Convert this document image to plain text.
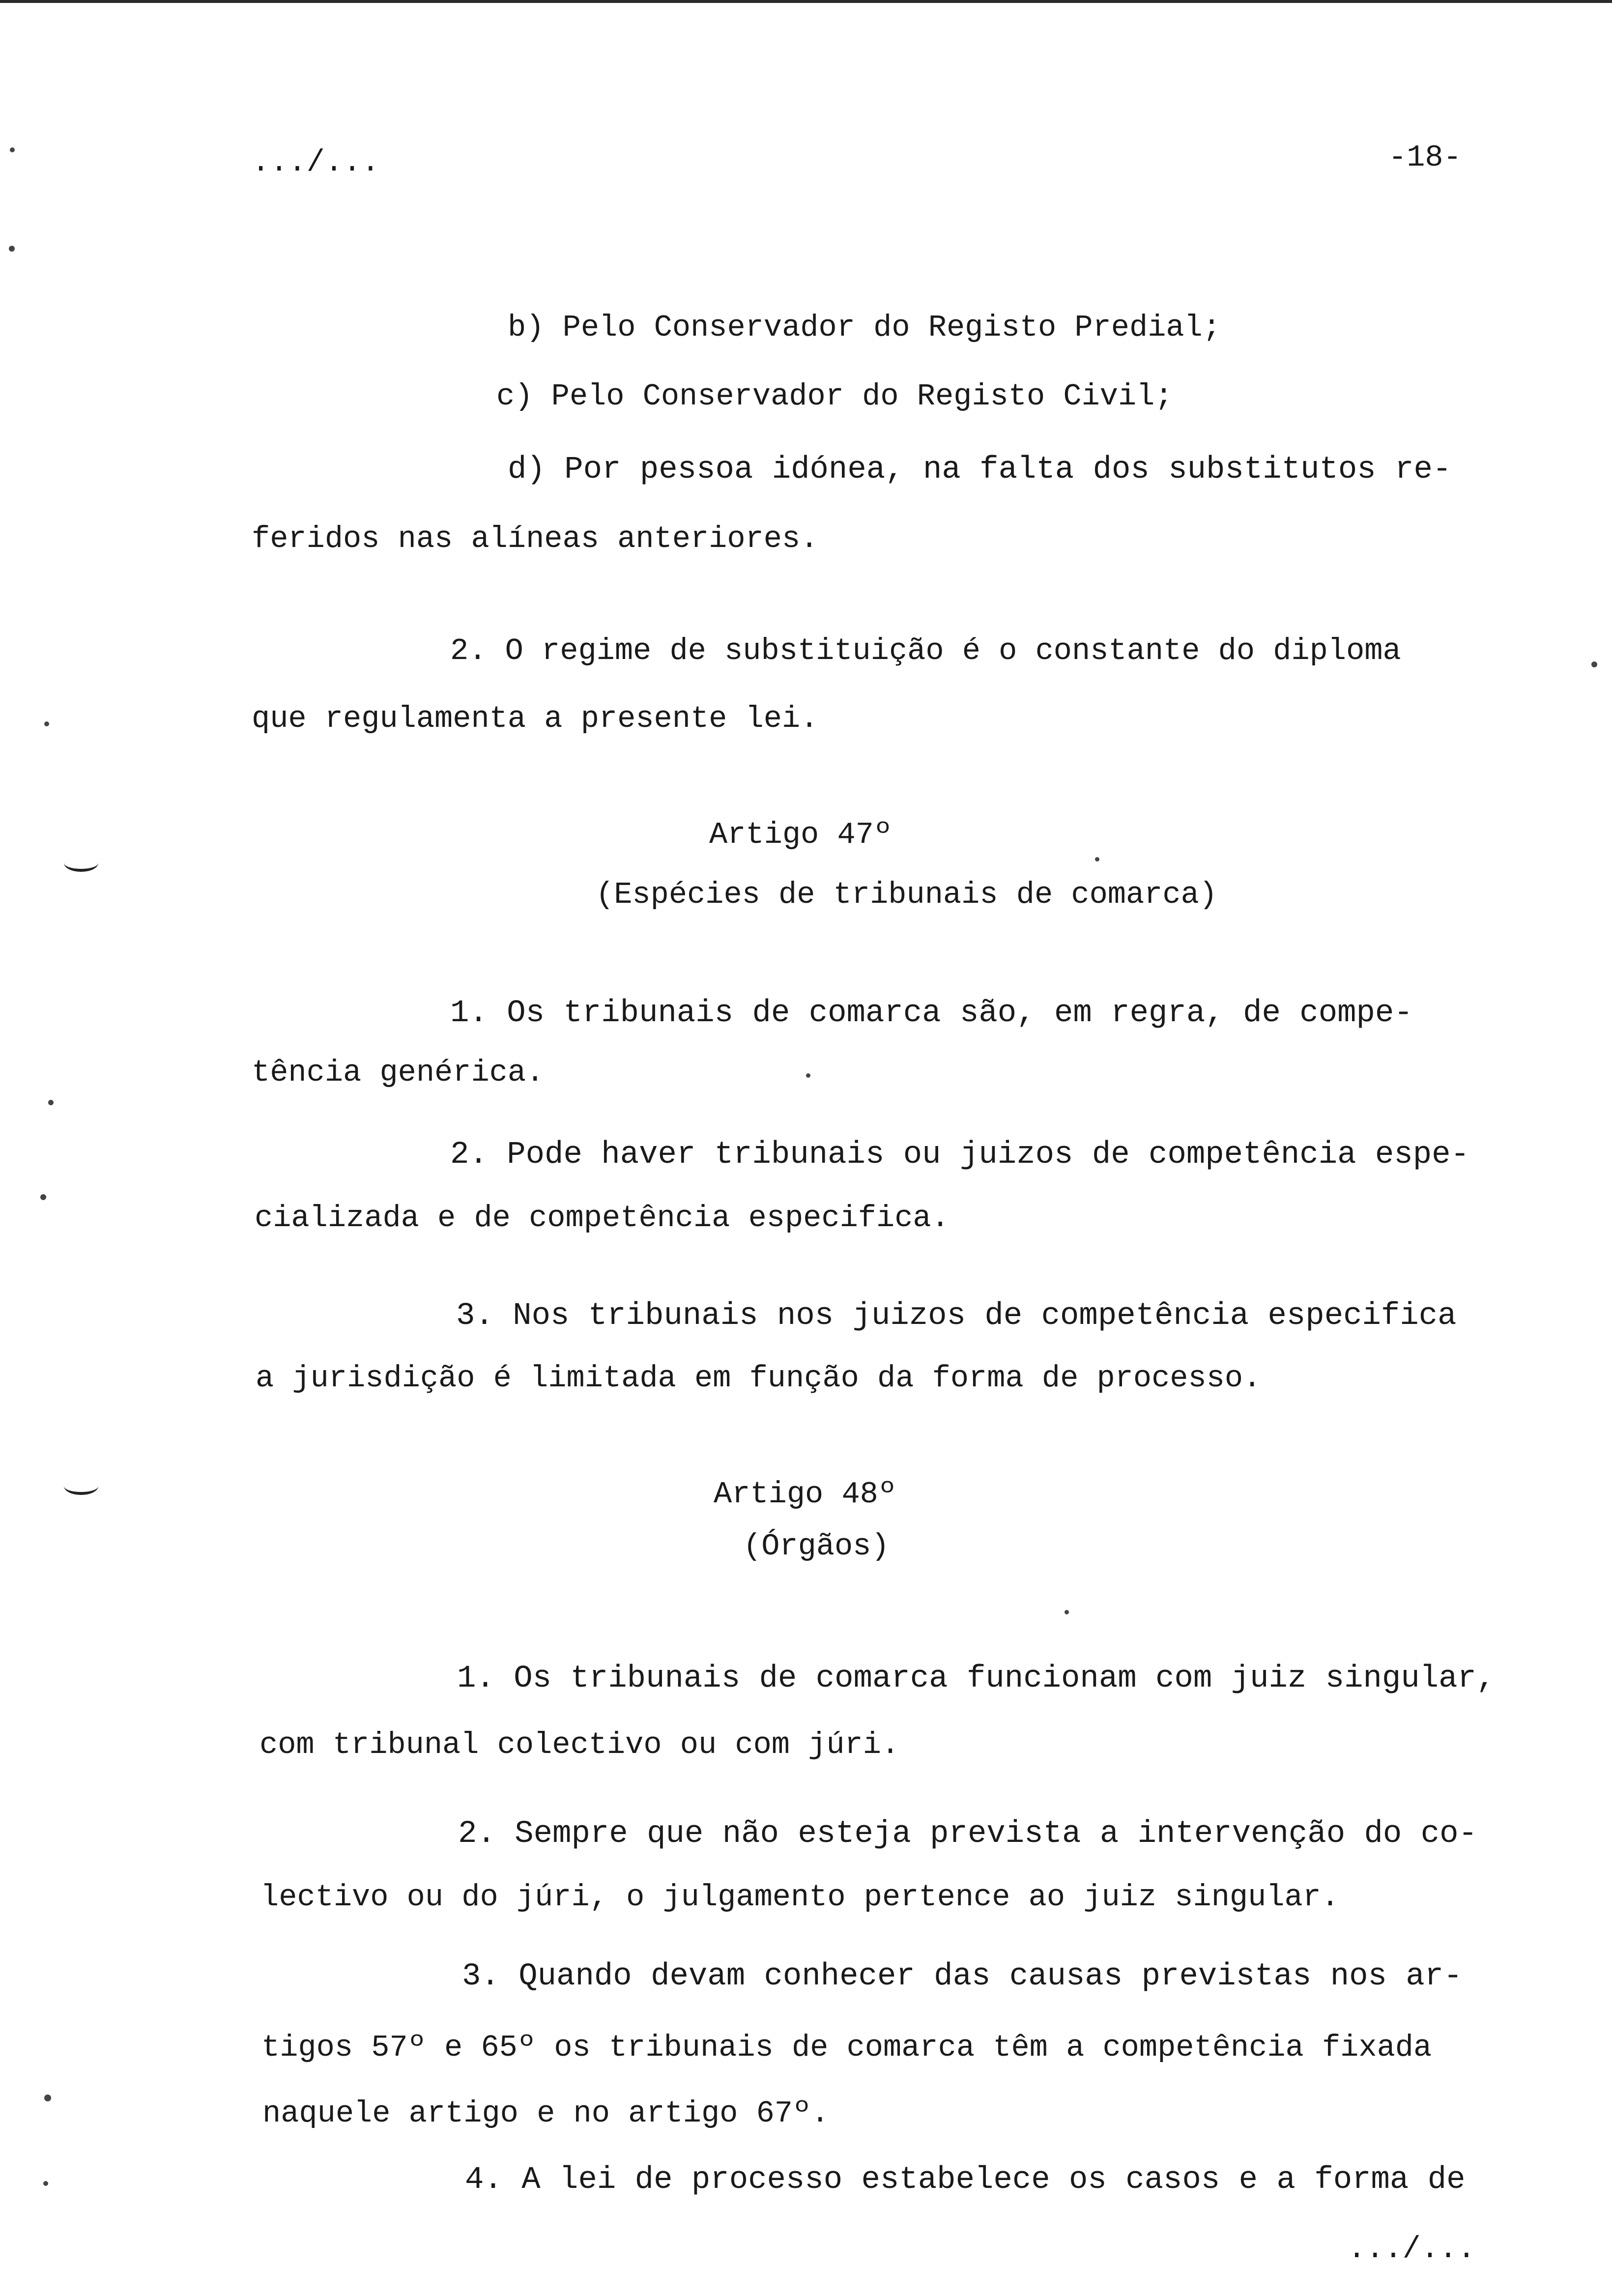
.../...	-18-
b) Pelo Conservador do Registo Predial;
c) Pelo Conservador do Registo Civil;
d) Por pessoa idónea, na falta dos substitutos re-
feridos nas alíneas anteriores.
2. O regime de substituição é o constante do diploma
que regulamenta a presente lei.
Artigo 47º
(Espécies de tribunais de comarca)
1. Os tribunais de comarca são, em regra, de compe-
tência genérica.
2. Pode haver tribunais ou juizos de competência espe-
cializada e de competência especifica.
3. Nos tribunais nos juizos de competência especifica
a jurisdição é limitada em função da forma de processo.
Artigo 48º
(Órgãos)
1. Os tribunais de comarca funcionam com juiz singular,
com tribunal colectivo ou com júri.
2. Sempre que não esteja prevista a intervenção do co-
lectivo ou do júri, o julgamento pertence ao juiz singular.
3. Quando devam conhecer das causas previstas nos ar-
tigos 57º e 65º os tribunais de comarca têm a competência fixada
naquele artigo e no artigo 67º.
4. A lei de processo estabelece os casos e a forma de
.../...
